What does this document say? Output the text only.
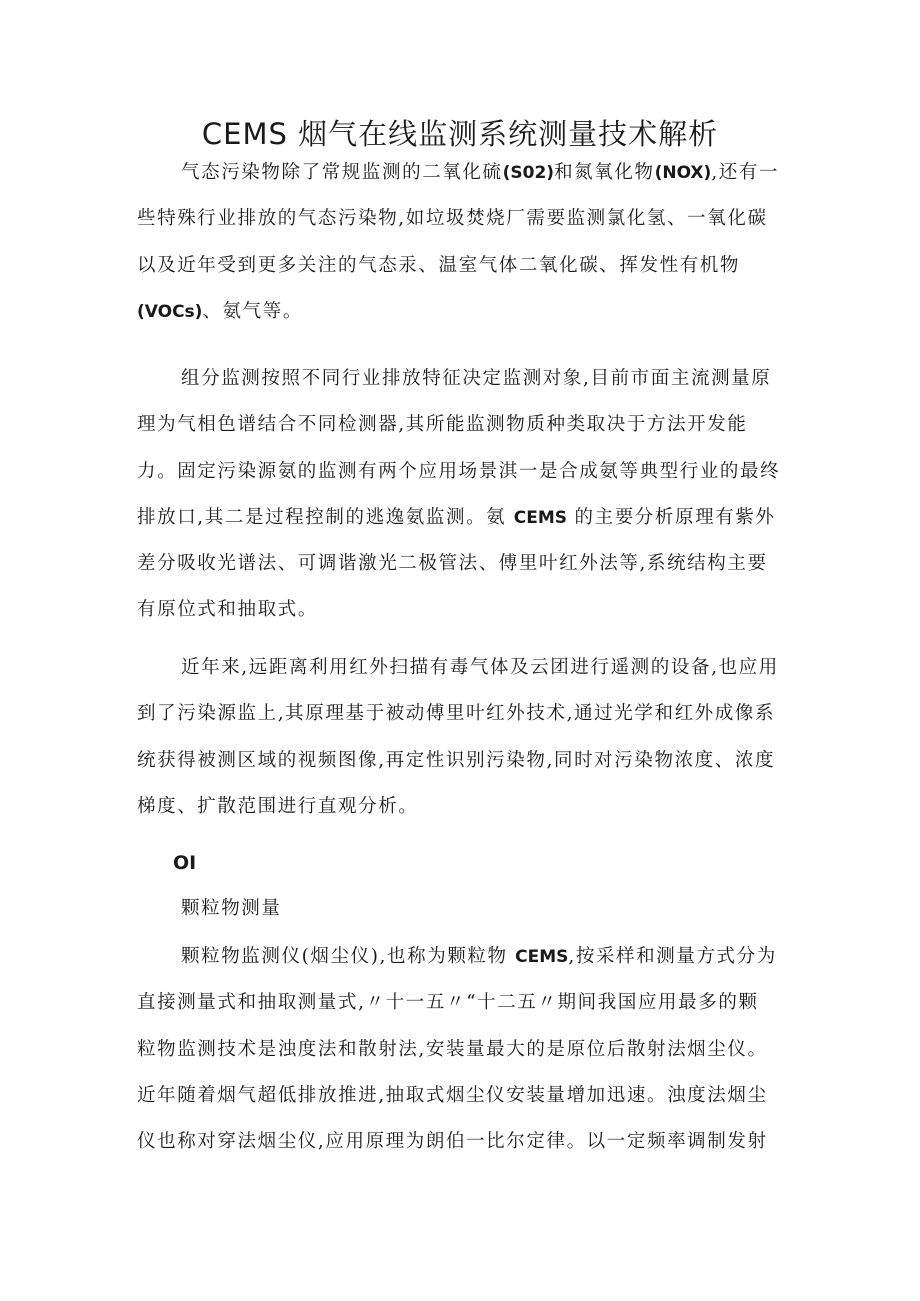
CEMS 烟气在线监测系统测量技术解析

气态污染物除了常规监测的二氧化硫(S02)和氮氧化物(NOX),还有一
些特殊行业排放的气态污染物,如垃圾焚烧厂需要监测氯化氢、一氧化碳
以及近年受到更多关注的气态汞、温室气体二氧化碳、挥发性有机物
(VOCs)、氨气等。

组分监测按照不同行业排放特征决定监测对象,目前市面主流测量原
理为气相色谱结合不同检测器,其所能监测物质种类取决于方法开发能
力。固定污染源氨的监测有两个应用场景淇一是合成氨等典型行业的最终
排放口,其二是过程控制的逃逸氨监测。氨 CEMS 的主要分析原理有紫外
差分吸收光谱法、可调谐激光二极管法、傅里叶红外法等,系统结构主要
有原位式和抽取式。

近年来,远距离利用红外扫描有毒气体及云团进行遥测的设备,也应用
到了污染源监上,其原理基于被动傅里叶红外技术,通过光学和红外成像系
统获得被测区域的视频图像,再定性识别污染物,同时对污染物浓度、浓度
梯度、扩散范围进行直观分析。

OI

颗粒物测量

颗粒物监测仪(烟尘仪),也称为颗粒物 CEMS,按采样和测量方式分为
直接测量式和抽取测量式,〃十一五〃“十二五〃期间我国应用最多的颗
粒物监测技术是浊度法和散射法,安装量最大的是原位后散射法烟尘仪。
近年随着烟气超低排放推进,抽取式烟尘仪安装量增加迅速。浊度法烟尘
仪也称对穿法烟尘仪,应用原理为朗伯一比尔定律。以一定频率调制发射
